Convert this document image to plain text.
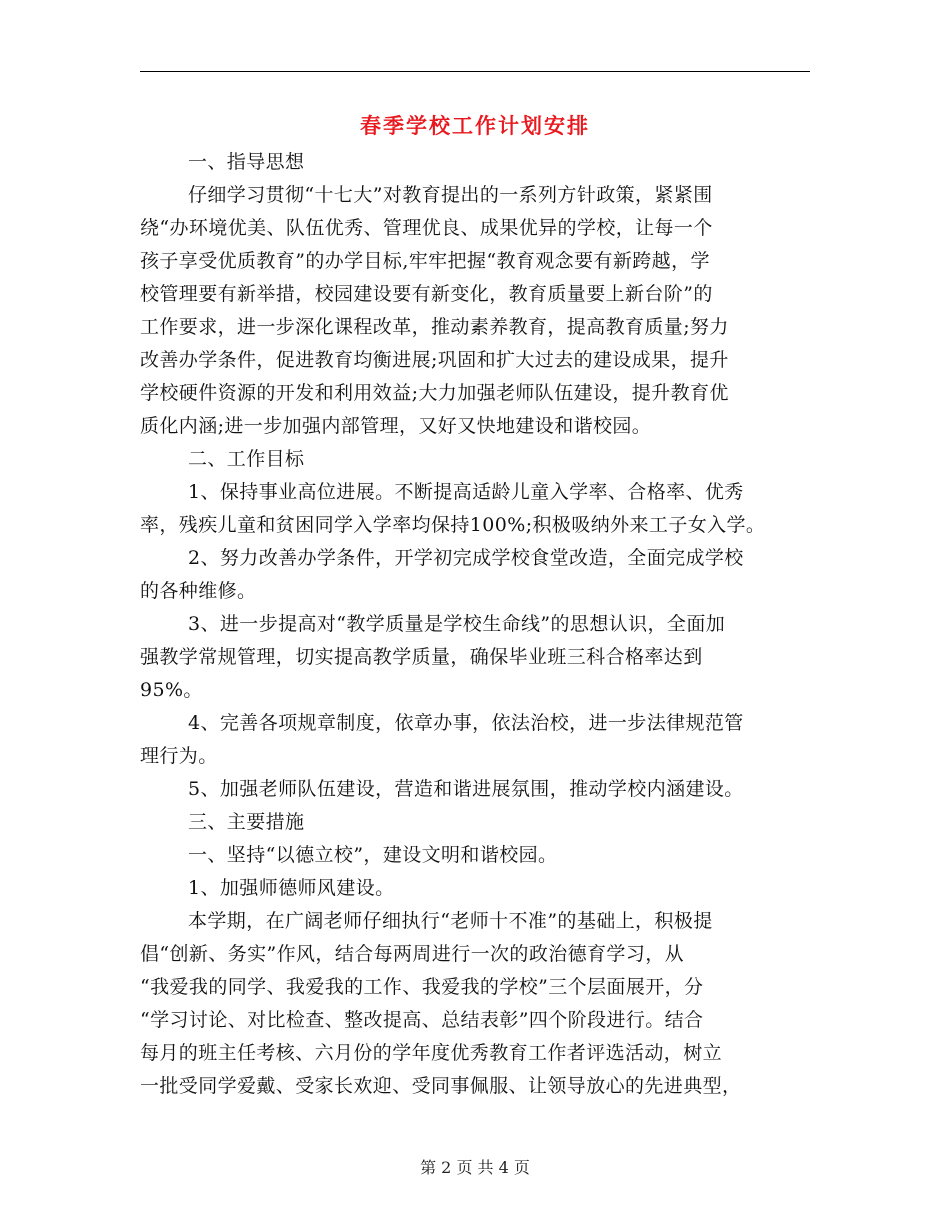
春季学校工作计划安排
一、指导思想
仔细学习贯彻“十七大”对教育提出的一系列方针政策，紧紧围
绕“办环境优美、队伍优秀、管理优良、成果优异的学校，让每一个
孩子享受优质教育”的办学目标,牢牢把握“教育观念要有新跨越，学
校管理要有新举措，校园建设要有新变化，教育质量要上新台阶”的
工作要求，进一步深化课程改革，推动素养教育，提高教育质量;努力
改善办学条件，促进教育均衡进展;巩固和扩大过去的建设成果，提升
学校硬件资源的开发和利用效益;大力加强老师队伍建设，提升教育优
质化内涵;进一步加强内部管理，又好又快地建设和谐校园。
二、工作目标
1、保持事业高位进展。不断提高适龄儿童入学率、合格率、优秀
率，残疾儿童和贫困同学入学率均保持100%;积极吸纳外来工子女入学。
2、努力改善办学条件，开学初完成学校食堂改造，全面完成学校
的各种维修。
3、进一步提高对“教学质量是学校生命线”的思想认识，全面加
强教学常规管理，切实提高教学质量，确保毕业班三科合格率达到
95%。
4、完善各项规章制度，依章办事，依法治校，进一步法律规范管
理行为。
5、加强老师队伍建设，营造和谐进展氛围，推动学校内涵建设。
三、主要措施
一、坚持“以德立校”，建设文明和谐校园。
1、加强师德师风建设。
本学期，在广阔老师仔细执行“老师十不准”的基础上，积极提
倡“创新、务实”作风，结合每两周进行一次的政治德育学习，从
“我爱我的同学、我爱我的工作、我爱我的学校”三个层面展开，分
“学习讨论、对比检查、整改提高、总结表彰”四个阶段进行。结合
每月的班主任考核、六月份的学年度优秀教育工作者评选活动，树立
一批受同学爱戴、受家长欢迎、受同事佩服、让领导放心的先进典型，
第 2 页 共 4 页
